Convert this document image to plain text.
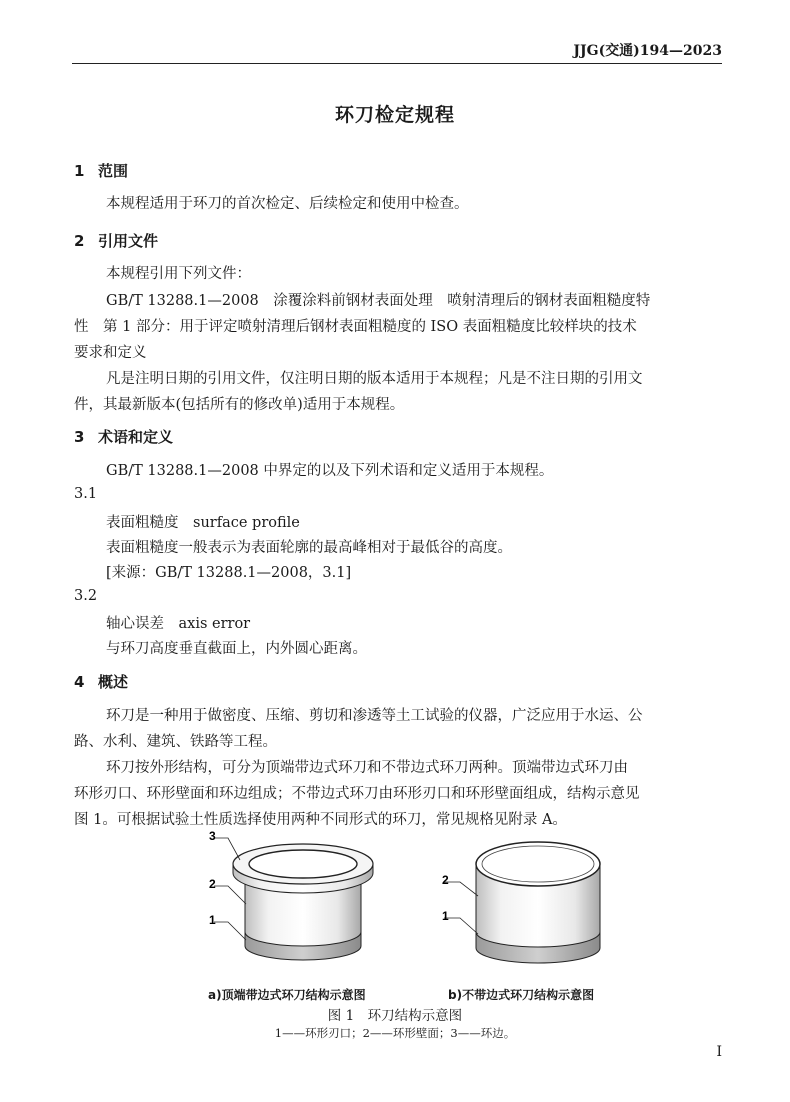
JJG(交通)194—2023
环刀检定规程
1 范围
本规程适用于环刀的首次检定、后续检定和使用中检查。
2 引用文件
本规程引用下列文件：
GB/T 13288.1—2008　涂覆涂料前钢材表面处理　喷射清理后的钢材表面粗糙度特
性　第 1 部分：用于评定喷射清理后钢材表面粗糙度的 ISO 表面粗糙度比较样块的技术
要求和定义
凡是注明日期的引用文件，仅注明日期的版本适用于本规程；凡是不注日期的引用文
件，其最新版本(包括所有的修改单)适用于本规程。
3 术语和定义
GB/T 13288.1—2008 中界定的以及下列术语和定义适用于本规程。
3.1
表面粗糙度　surface profile
表面粗糙度一般表示为表面轮廓的最高峰相对于最低谷的高度。
[来源：GB/T 13288.1—2008，3.1]
3.2
轴心误差　axis error
与环刀高度垂直截面上，内外圆心距离。
4 概述
环刀是一种用于做密度、压缩、剪切和渗透等土工试验的仪器，广泛应用于水运、公
路、水利、建筑、铁路等工程。
环刀按外形结构，可分为顶端带边式环刀和不带边式环刀两种。顶端带边式环刀由
环形刃口、环形壁面和环边组成；不带边式环刀由环形刃口和环形壁面组成，结构示意见
图 1。可根据试验土性质选择使用两种不同形式的环刀，常见规格见附录 A。
3
2
1
2
1
a)顶端带边式环刀结构示意图	b)不带边式环刀结构示意图
图 1　环刀结构示意图
1——环形刃口；2——环形壁面；3——环边。
I
